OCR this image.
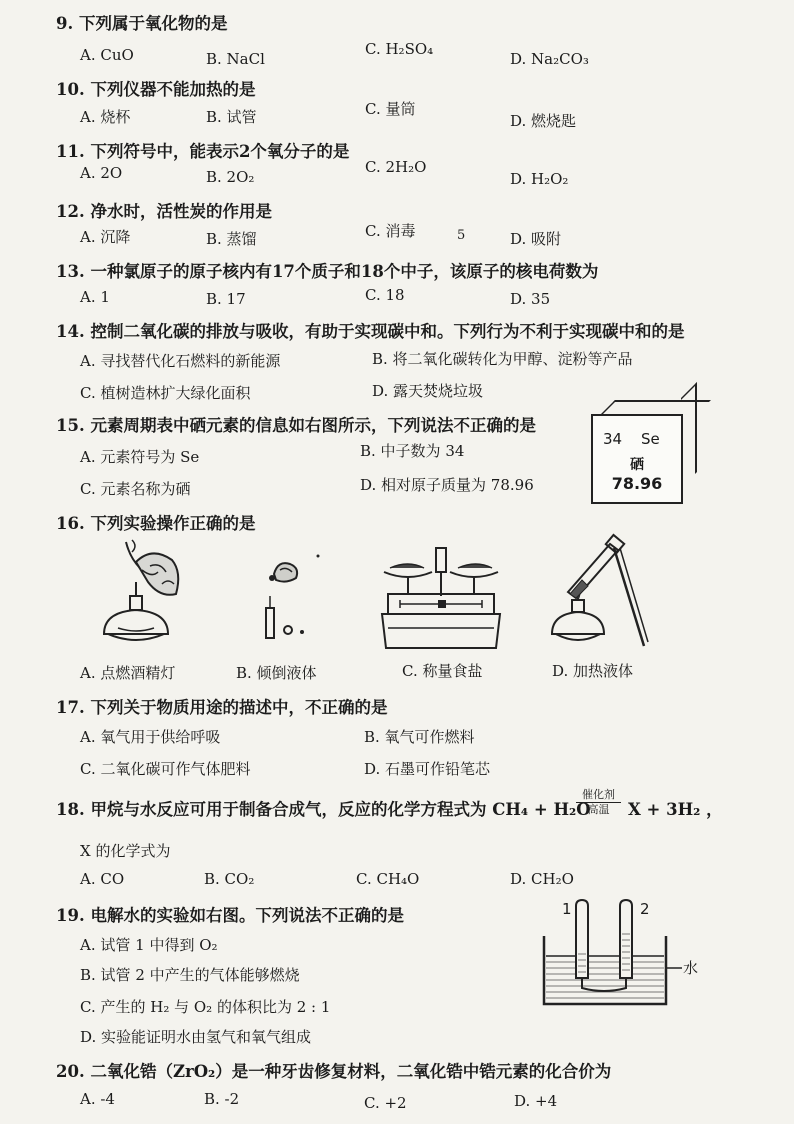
9. 下列属于氧化物的是
A. CuO	B. NaCl
C. H₂SO₄
D. Na₂CO₃
10. 下列仪器不能加热的是
A. 烧杯	B. 试管	C. 量筒
D. 燃烧匙
11. 下列符号中，能表示2个氧分子的是
A. 2O	B. 2O₂
C. 2H₂O
D. H₂O₂
12. 净水时，活性炭的作用是
A. 沉降	B. 蒸馏	C. 消毒	5	D. 吸附
13. 一种氯原子的原子核内有17个质子和18个中子，该原子的核电荷数为
A. 1	B. 17	C. 18	D. 35
14. 控制二氧化碳的排放与吸收，有助于实现碳中和。下列行为不利于实现碳中和的是
A. 寻找替代化石燃料的新能源	B. 将二氧化碳转化为甲醇、淀粉等产品
C. 植树造林扩大绿化面积	D. 露天焚烧垃圾
15. 元素周期表中硒元素的信息如右图所示，下列说法不正确的是
A. 元素符号为 Se	B. 中子数为 34
C. 元素名称为硒	D. 相对原子质量为 78.96
34 Se
硒
78.96
16. 下列实验操作正确的是
A. 点燃酒精灯	B. 倾倒液体	C. 称量食盐	D. 加热液体
17. 下列关于物质用途的描述中，不正确的是
A. 氧气用于供给呼吸	B. 氧气可作燃料
C. 二氧化碳可作气体肥料	D. 石墨可作铅笔芯
18. 甲烷与水反应可用于制备合成气，反应的化学方程式为 CH₄ + H₂O
$\frac{\text{催化剂}}{\text{高温}}$ X + 3H₂ ，
X 的化学式为
A. CO	B. CO₂	C. CH₄O	D. CH₂O
19. 电解水的实验如右图。下列说法不正确的是
A. 试管 1 中得到 O₂
B. 试管 2 中产生的气体能够燃烧
C. 产生的 H₂ 与 O₂ 的体积比为 2 : 1
D. 实验能证明水由氢气和氧气组成
1	2
水
20. 二氧化锆（ZrO₂）是一种牙齿修复材料，二氧化锆中锆元素的化合价为
A. -4	B. -2	C. +2	D. +4
